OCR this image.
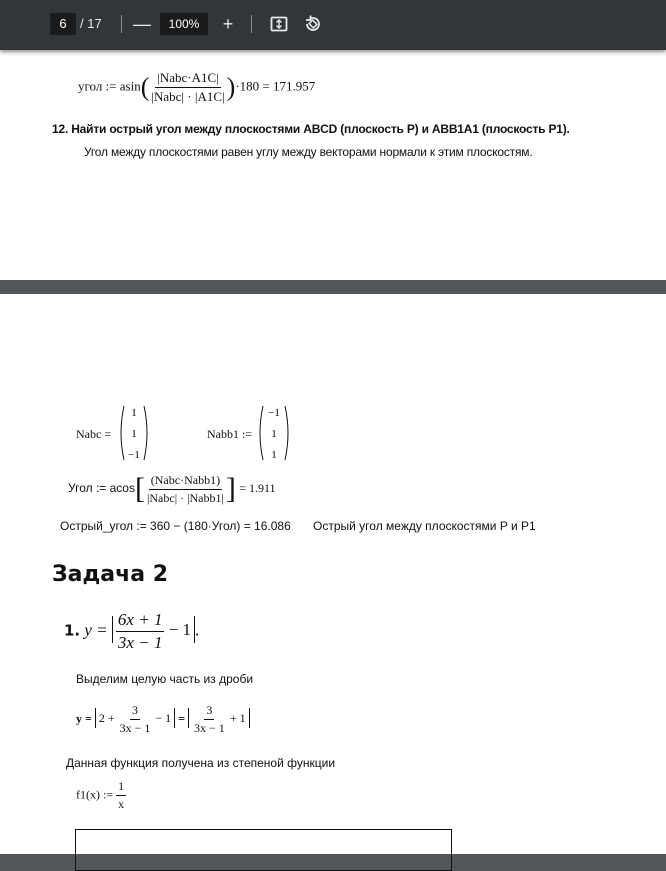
6	/ 17 —	100%	+
угол := $asin( \frac{\text{|Nabc·A1C|}}{\text{|Nabc| · |A1C|}} )\cdot 180 = 171.957$
12. Найти острый угол между плоскостями ABCD (плоскость P) и ABB1A1 (плоскость P1).
Угол между плоскостями равен углу между векторами нормали к этим плоскостям.
Nabc =
1
1
−1
Nabb1 :=
−1
1
1
Угол := $acos[ \frac{\text{(Nabc·Nabb1)}}{\text{|Nabc| · |Nabb1|}}$ ] = 1.911
Острый_угол := 360 − (180·Угол) = 16.086 Острый угол между плоскостями P и P1
Задача 2
1. $y = \frac{6x + 1}{3x - 1} - 1$ .
Выделим целую часть из дроби
$y = 2 + \frac{3}{3x - 1} - 1 = \frac{3}{3x - 1} + 1$
Данная функция получена из степеной функции
f1(x) := $\frac{1}{x}$
